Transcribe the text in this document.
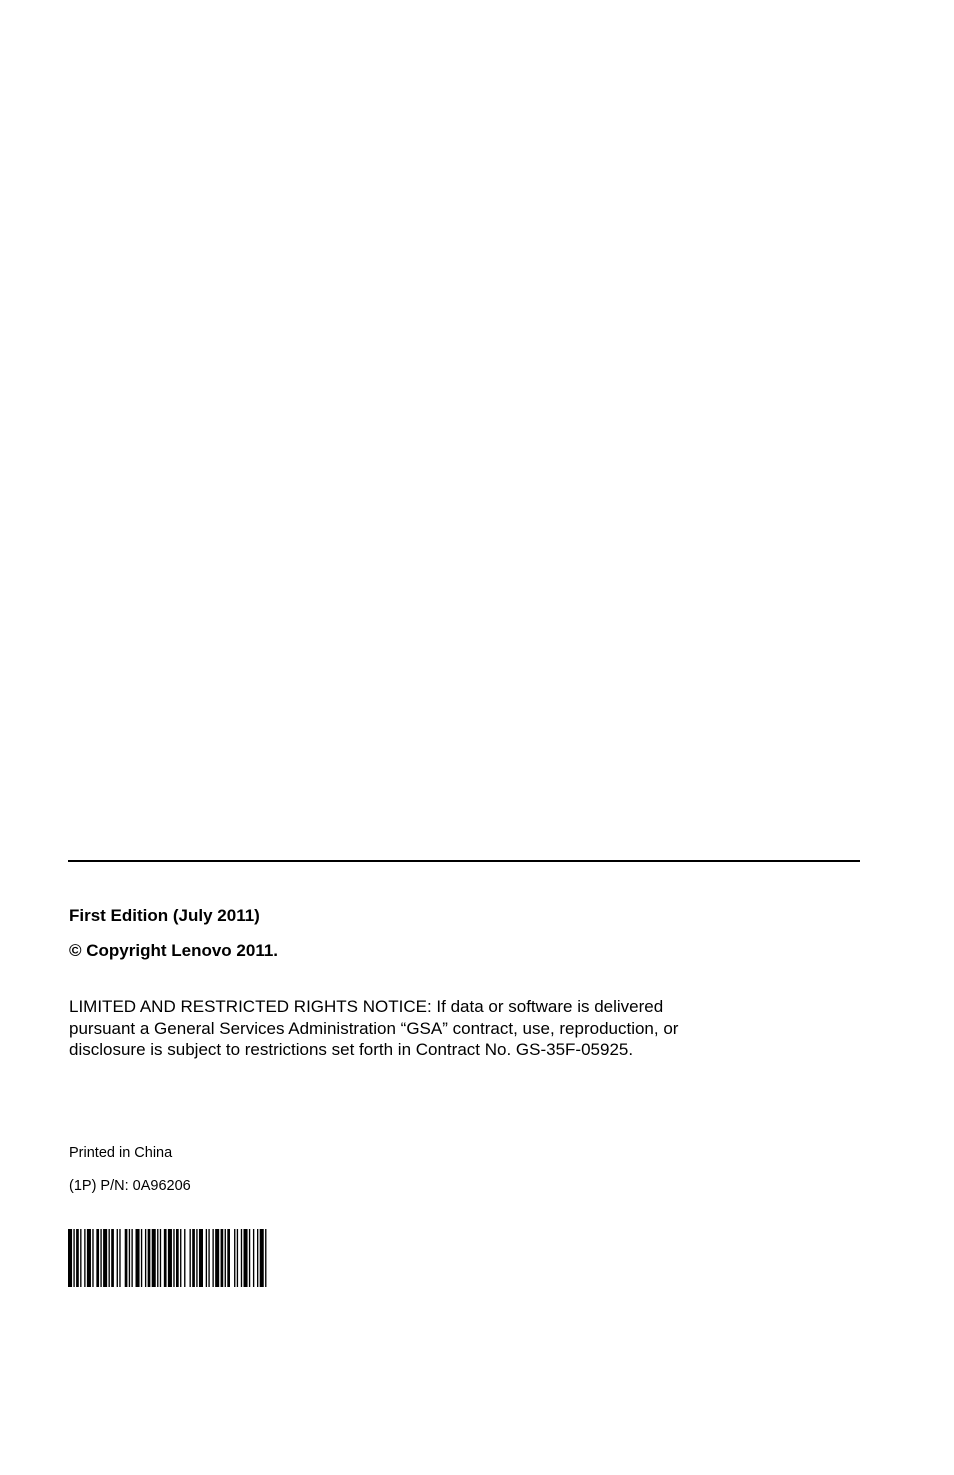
First Edition (July 2011)
© Copyright Lenovo 2011.
LIMITED AND RESTRICTED RIGHTS NOTICE: If data or software is delivered
pursuant a General Services Administration “GSA” contract, use, reproduction, or
disclosure is subject to restrictions set forth in Contract No. GS-35F-05925.
Printed in China
(1P) P/N: 0A96206
